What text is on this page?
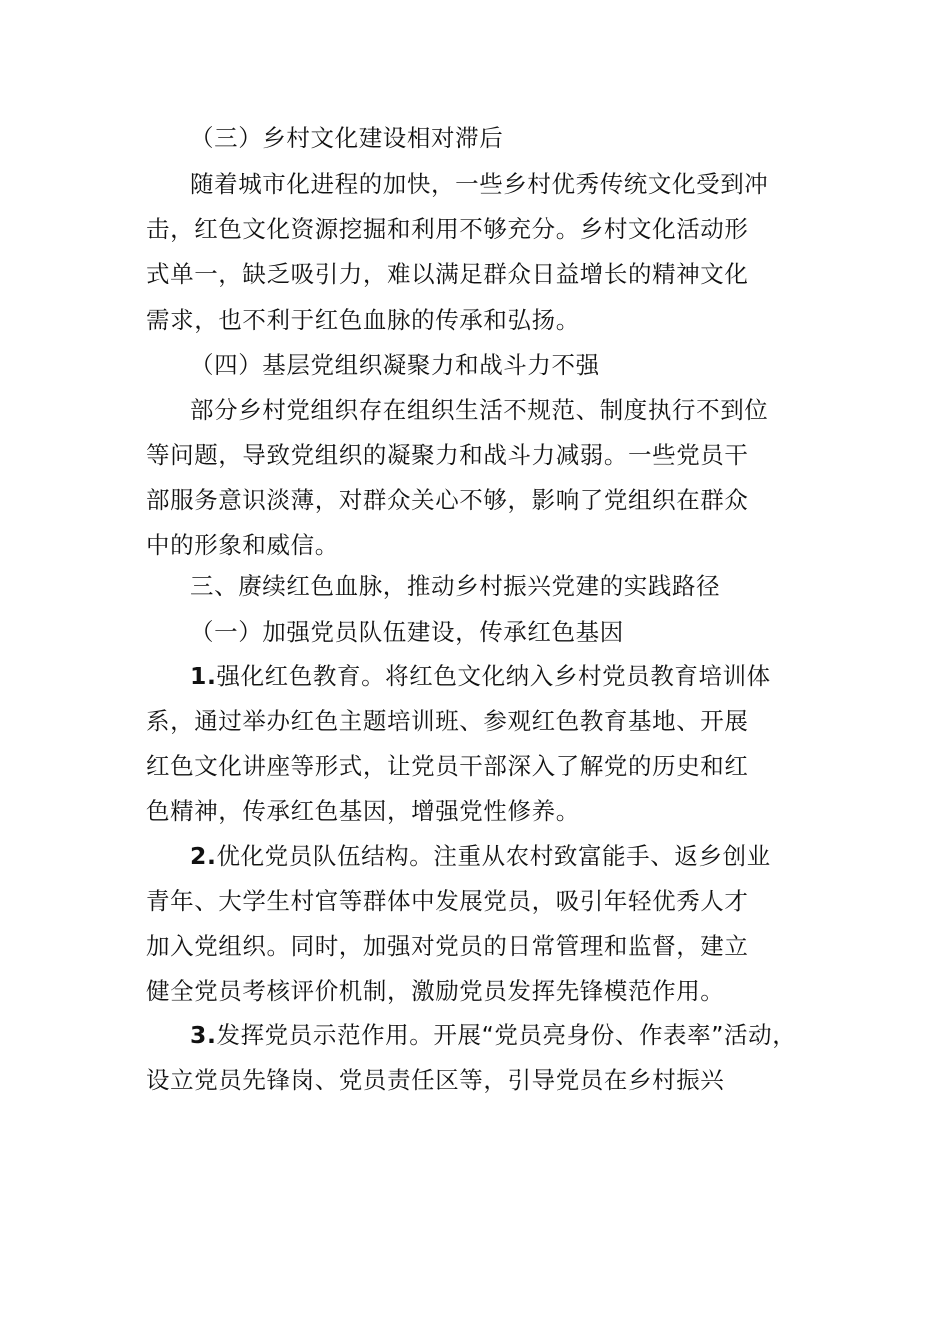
（三）乡村文化建设相对滞后
随着城市化进程的加快，一些乡村优秀传统文化受到冲
击，红色文化资源挖掘和利用不够充分。乡村文化活动形
式单一，缺乏吸引力，难以满足群众日益增长的精神文化
需求，也不利于红色血脉的传承和弘扬。
（四）基层党组织凝聚力和战斗力不强
部分乡村党组织存在组织生活不规范、制度执行不到位
等问题，导致党组织的凝聚力和战斗力减弱。一些党员干
部服务意识淡薄，对群众关心不够，影响了党组织在群众
中的形象和威信。
三、赓续红色血脉，推动乡村振兴党建的实践路径
（一）加强党员队伍建设，传承红色基因
1.强化红色教育。将红色文化纳入乡村党员教育培训体
系，通过举办红色主题培训班、参观红色教育基地、开展
红色文化讲座等形式，让党员干部深入了解党的历史和红
色精神，传承红色基因，增强党性修养。
2.优化党员队伍结构。注重从农村致富能手、返乡创业
青年、大学生村官等群体中发展党员，吸引年轻优秀人才
加入党组织。同时，加强对党员的日常管理和监督，建立
健全党员考核评价机制，激励党员发挥先锋模范作用。
3.发挥党员示范作用。开展“党员亮身份、作表率”活动，
设立党员先锋岗、党员责任区等，引导党员在乡村振兴
